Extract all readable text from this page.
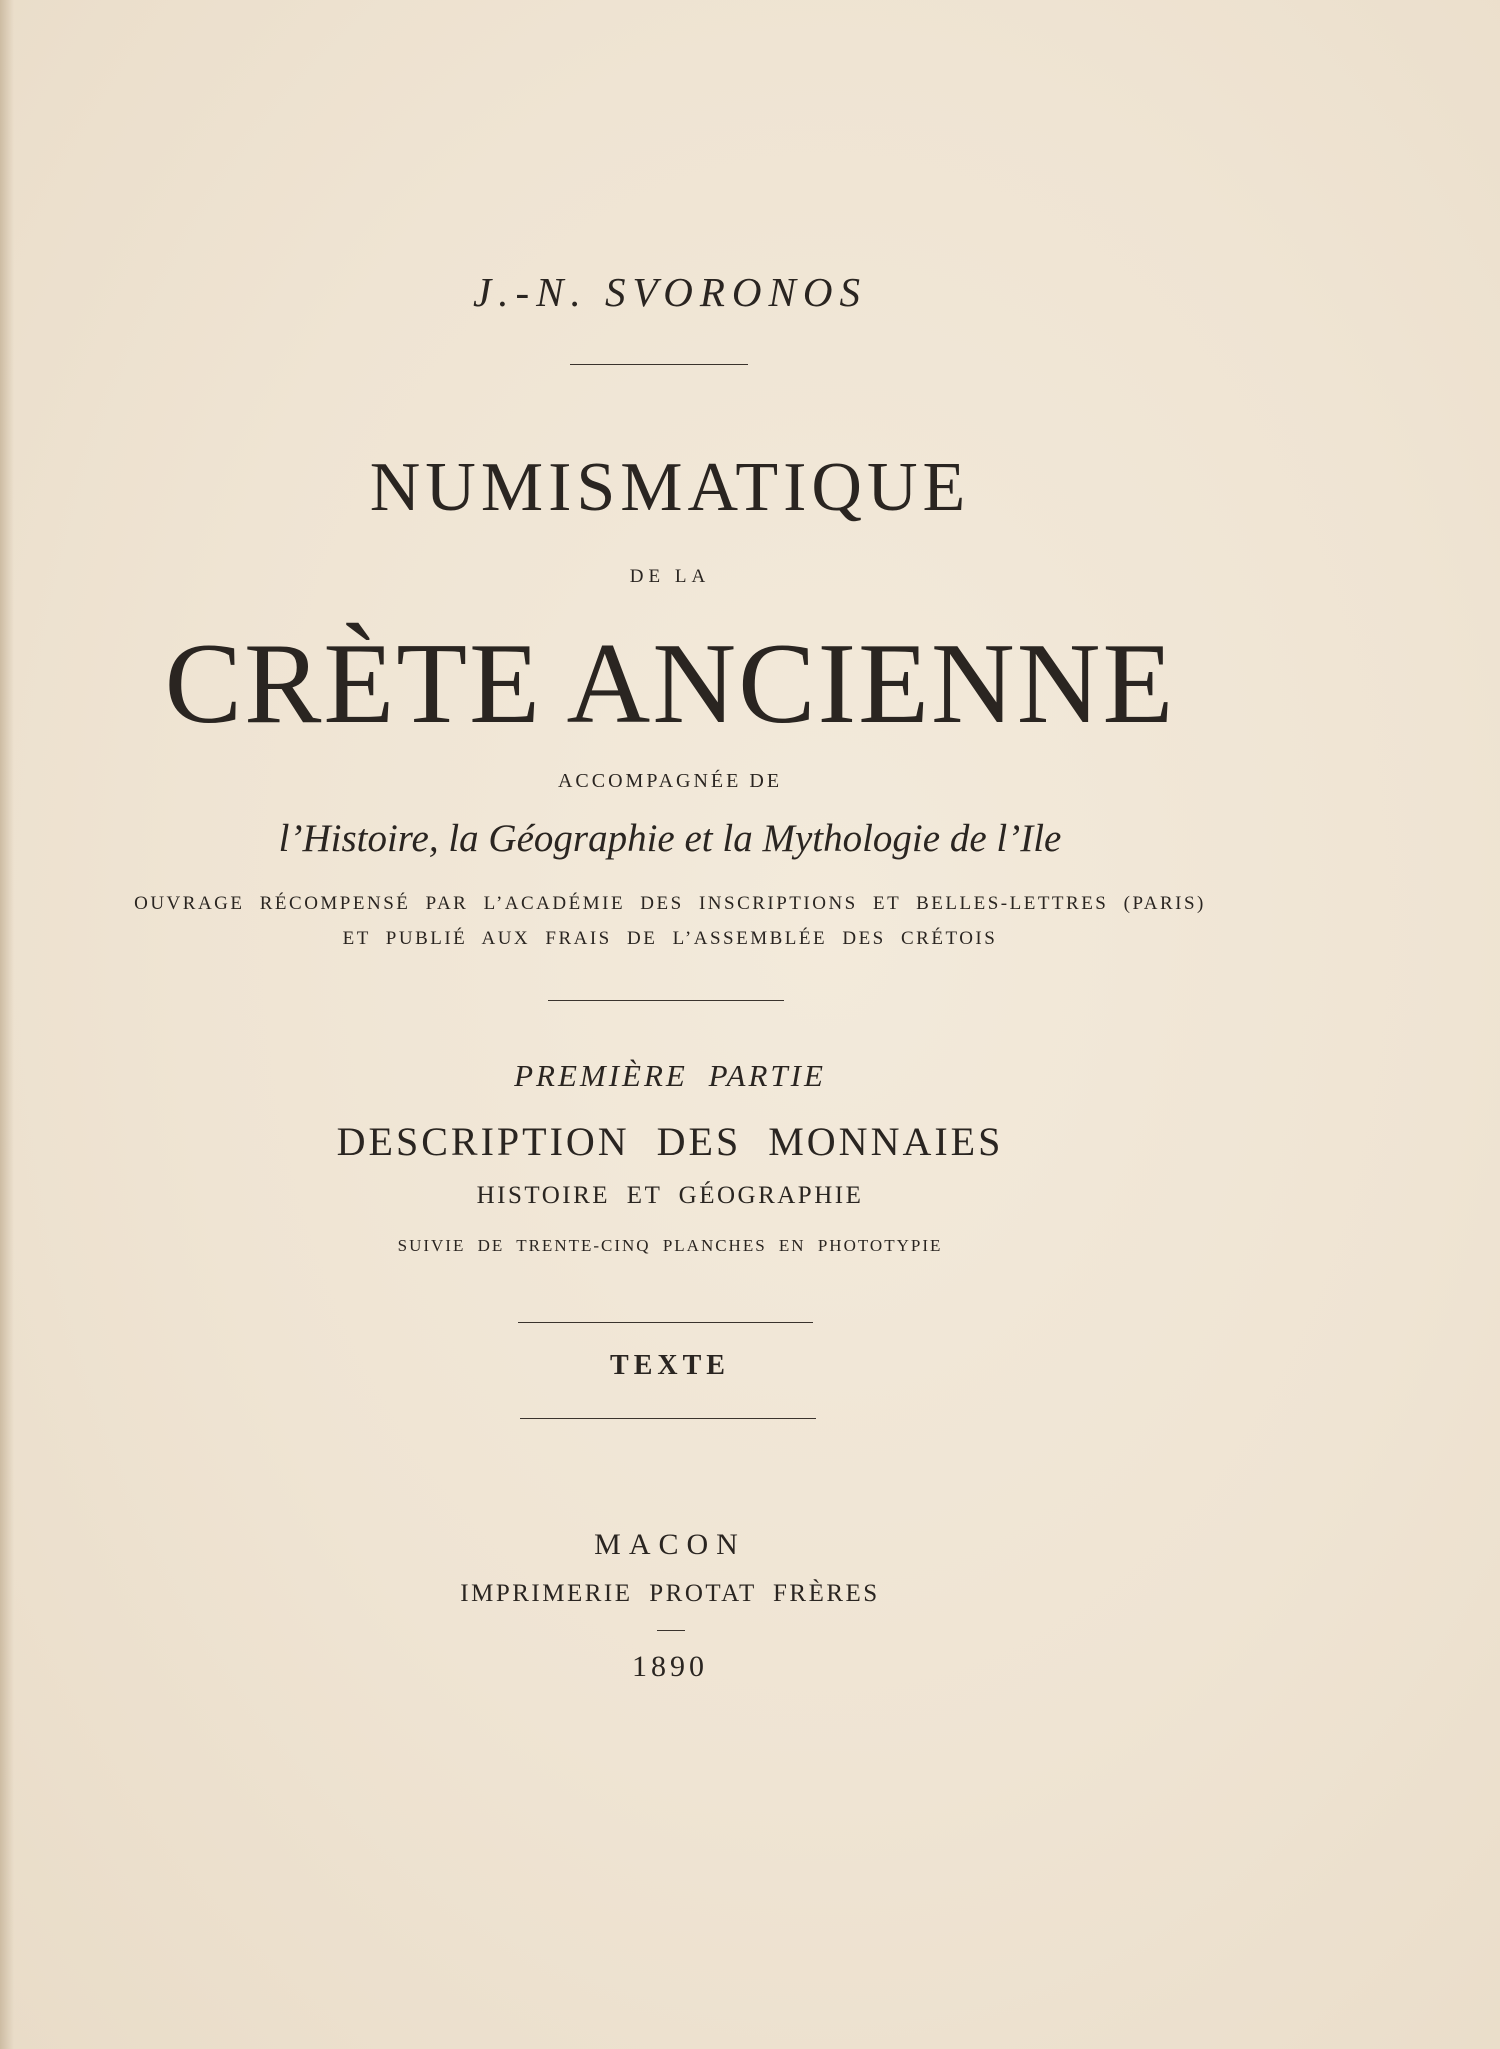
J.-N. SVORONOS

NUMISMATIQUE

DE LA

CRÈTE ANCIENNE

ACCOMPAGNÉE DE

l’Histoire, la Géographie et la Mythologie de l’Ile

OUVRAGE RÉCOMPENSÉ PAR L’ACADÉMIE DES INSCRIPTIONS ET BELLES-LETTRES (PARIS)

ET PUBLIÉ AUX FRAIS DE L’ASSEMBLÉE DES CRÉTOIS

PREMIÈRE PARTIE

DESCRIPTION DES MONNAIES

HISTOIRE ET GÉOGRAPHIE

SUIVIE DE TRENTE-CINQ PLANCHES EN PHOTOTYPIE

TEXTE

MACON

IMPRIMERIE PROTAT FRÈRES

1890
